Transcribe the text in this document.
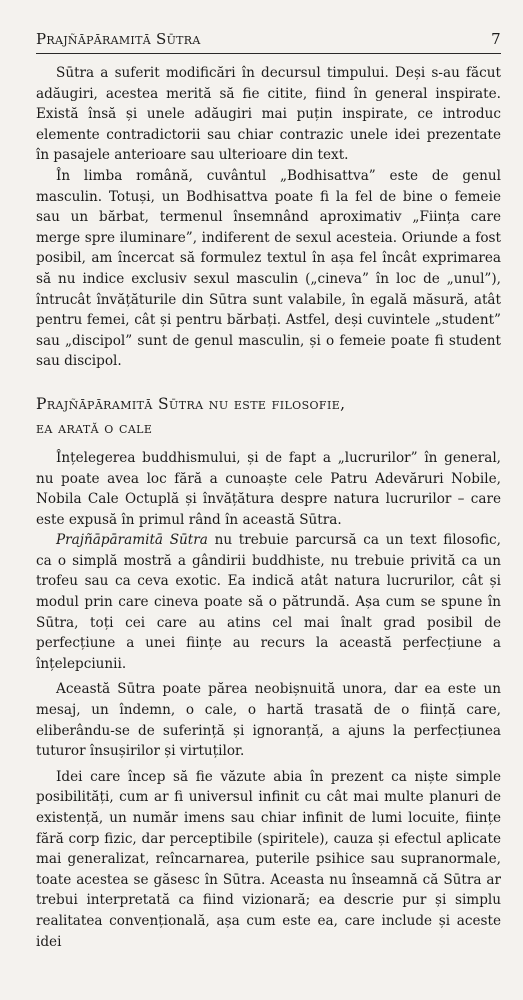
Prajñāpāramitā Sūtra	7

Sūtra a suferit modificări în decursul timpului. Deși s-au făcut adăugiri, acestea merită să fie citite, fiind în general inspirate. Există însă și unele adăugiri mai puțin inspirate, ce introduc elemente contradictorii sau chiar contrazic unele idei prezentate în pasajele anterioare sau ulterioare din text.

În limba română, cuvântul „Bodhisattva” este de genul masculin. Totuși, un Bodhisattva poate fi la fel de bine o femeie sau un bărbat, termenul însemnând aproximativ „Ființa care merge spre iluminare”, indiferent de sexul acesteia. Oriunde a fost posibil, am încercat să formulez textul în așa fel încât exprimarea să nu indice exclusiv sexul masculin („cineva” în loc de „unul”), întrucât învățăturile din Sūtra sunt valabile, în egală măsură, atât pentru femei, cât și pentru bărbați. Astfel, deși cuvintele „student” sau „discipol” sunt de genul masculin, și o femeie poate fi student sau discipol.

Prajñāpāramitā Sūtra nu este filosofie,
ea arată o cale

Înțelegerea buddhismului, și de fapt a „lucrurilor” în general, nu poate avea loc fără a cunoaște cele Patru Adevăruri Nobile, Nobila Cale Octuplă și învățătura despre natura lucrurilor – care este expusă în primul rând în această Sūtra.

Prajñāpāramitā Sūtra nu trebuie parcursă ca un text filosofic, ca o simplă mostră a gândirii buddhiste, nu trebuie privită ca un trofeu sau ca ceva exotic. Ea indică atât natura lucrurilor, cât și modul prin care cineva poate să o pătrundă. Așa cum se spune în Sūtra, toți cei care au atins cel mai înalt grad posibil de perfecțiune a unei ființe au recurs la această perfecțiune a înțelepciunii.

Această Sūtra poate părea neobișnuită unora, dar ea este un mesaj, un îndemn, o cale, o hartă trasată de o ființă care, eliberându-se de suferință și ignoranță, a ajuns la perfecțiunea tuturor însușirilor și virtuților.

Idei care încep să fie văzute abia în prezent ca niște simple posibilități, cum ar fi universul infinit cu cât mai multe planuri de existență, un număr imens sau chiar infinit de lumi locuite, ființe fără corp fizic, dar perceptibile (spiritele), cauza și efectul aplicate mai generalizat, reîncarnarea, puterile psihice sau supranormale, toate acestea se găsesc în Sūtra. Aceasta nu înseamnă că Sūtra ar trebui interpretată ca fiind vizionară; ea descrie pur și simplu realitatea convențională, așa cum este ea, care include și aceste idei
